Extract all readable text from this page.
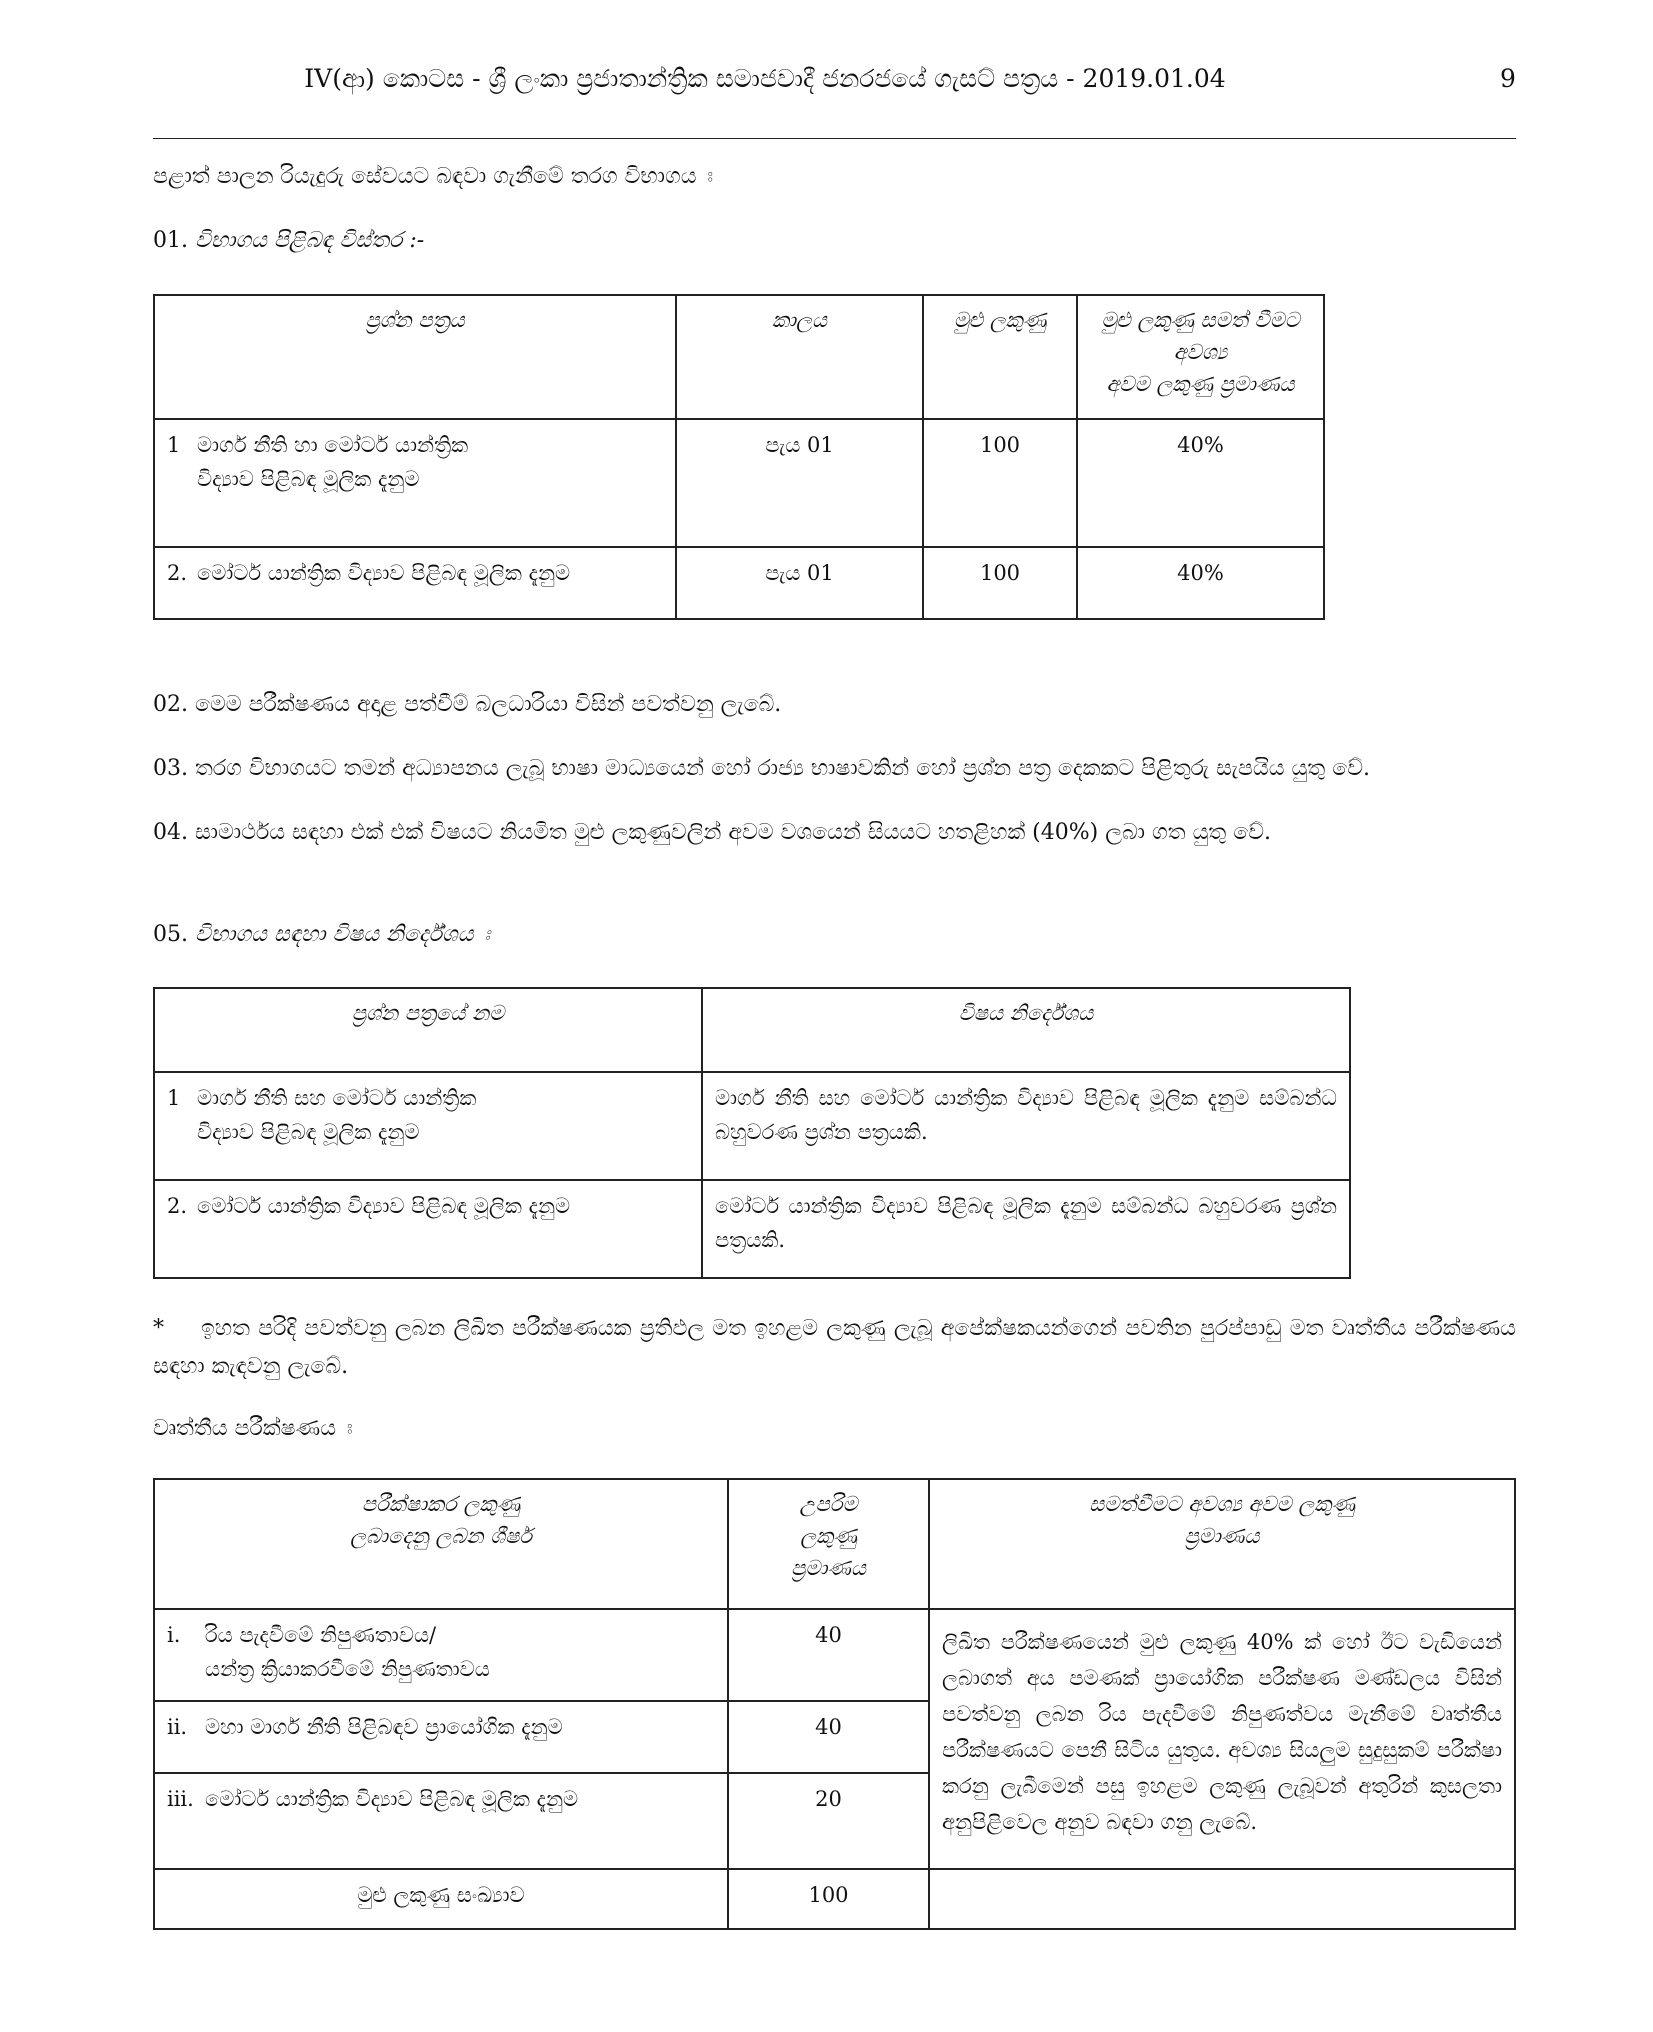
IV(ආ) කොටස - ශ්‍රී ලංකා ප්‍රජාතාන්ත්‍රික සමාජවාදී ජනරජයේ ගැසට් පත්‍රය - 2019.01.04	9
පළාත් පාලන රියැදුරු සේවයට බඳවා ගැනීමේ තරග විභාගය ඃ
01. විභාගය පිළිබඳ විස්තර :-
ප්‍රශ්න පත්‍රය	කාලය	මුළු ලකුණු	මුළු ලකුණු සමත් වීමට
අවශ්‍ය
අවම ලකුණු ප්‍රමාණය
1 මාර්ග නීති හා මෝටර් යාන්ත්‍රික
විද්‍යාව පිළිබඳ මූලික දැනුම	පැය 01	100	40%
2. මෝටර් යාන්ත්‍රික විද්‍යාව පිළිබඳ මූලික දැනුම	පැය 01	100	40%
02. මෙම පරීක්ෂණය අදාළ පත්වීම් බලධාරියා විසින් පවත්වනු ලැබේ.
03. තරග විභාගයට තමන් අධ්‍යාපනය ලැබූ භාෂා මාධ්‍යයෙන් හෝ රාජ්‍ය භාෂාවකින් හෝ ප්‍රශ්න පත්‍ර දෙකකට පිළිතුරු සැපයිය යුතු වේ.
04. සාමාර්ථය සඳහා එක් එක් විෂයට නියමිත මුළු ලකුණුවලින් අවම වශයෙන් සියයට හතළිහක් (40%) ලබා ගත යුතු වේ.
05. විභාගය සඳහා විෂය නිර්දේශය ඃ
ප්‍රශ්න පත්‍රයේ නම	විෂය නිර්දේශය
1 මාර්ග නීති සහ මෝටර් යාන්ත්‍රික
විද්‍යාව පිළිබඳ මූලික දැනුම	මාර්ග නීති සහ මෝටර් යාන්ත්‍රික විද්‍යාව පිළිබඳ මූලික දැනුම සම්බන්ධ බහුවරණ ප්‍රශ්න පත්‍රයකි.
2. මෝටර් යාන්ත්‍රික විද්‍යාව පිළිබඳ මූලික දැනුම	මෝටර් යාන්ත්‍රික විද්‍යාව පිළිබඳ මූලික දැනුම සම්බන්ධ බහුවරණ ප්‍රශ්න පත්‍රයකි.
* ඉහත පරිදි පවත්වනු ලබන ලිඛිත පරීක්ෂණයක ප්‍රතිඵල මත ඉහළම ලකුණු ලැබූ අපේක්ෂකයන්ගෙන් පවතින පුරප්පාඩු මත වෘත්තීය පරීක්ෂණය සඳහා කැඳවනු ලැබේ.
වෘත්තීය පරීක්ෂණය ඃ
පරීක්ෂාකර ලකුණු
ලබාදෙනු ලබන ශීර්ෂ	උපරිම
ලකුණු
ප්‍රමාණය	සමත්වීමට අවශ්‍ය අවම ලකුණු
ප්‍රමාණය
i. රිය පැදවීමේ නිපුණතාවය/
යන්ත්‍ර ක්‍රියාකරවීමේ නිපුණතාවය	40	ලිඛිත පරීක්ෂණයෙන් මුළු ලකුණු 40% ක් හෝ ඊට වැඩියෙන් ලබාගත් අය පමණක් ප්‍රායෝගික පරීක්ෂණ මණ්ඩලය විසින් පවත්වනු ලබන රිය පැදවීමේ නිපුණත්වය මැනීමේ වෘත්තීය පරීක්ෂණයට පෙනී සිටිය යුතුය. අවශ්‍ය සියලුම සුදුසුකම් පරීක්ෂා කරනු ලැබීමෙන් පසු ඉහළම ලකුණු ලැබූවන් අතුරින් කුසලතා අනුපිළිවෙල අනුව බඳවා ගනු ලැබේ.
ii. මහා මාර්ග නීති පිළිබඳව ප්‍රායෝගික දැනුම	40	
iii. මෝටර් යාන්ත්‍රික විද්‍යාව පිළිබඳ මූලික දැනුම	20	
මුළු ලකුණු සංඛ්‍යාව	100	
